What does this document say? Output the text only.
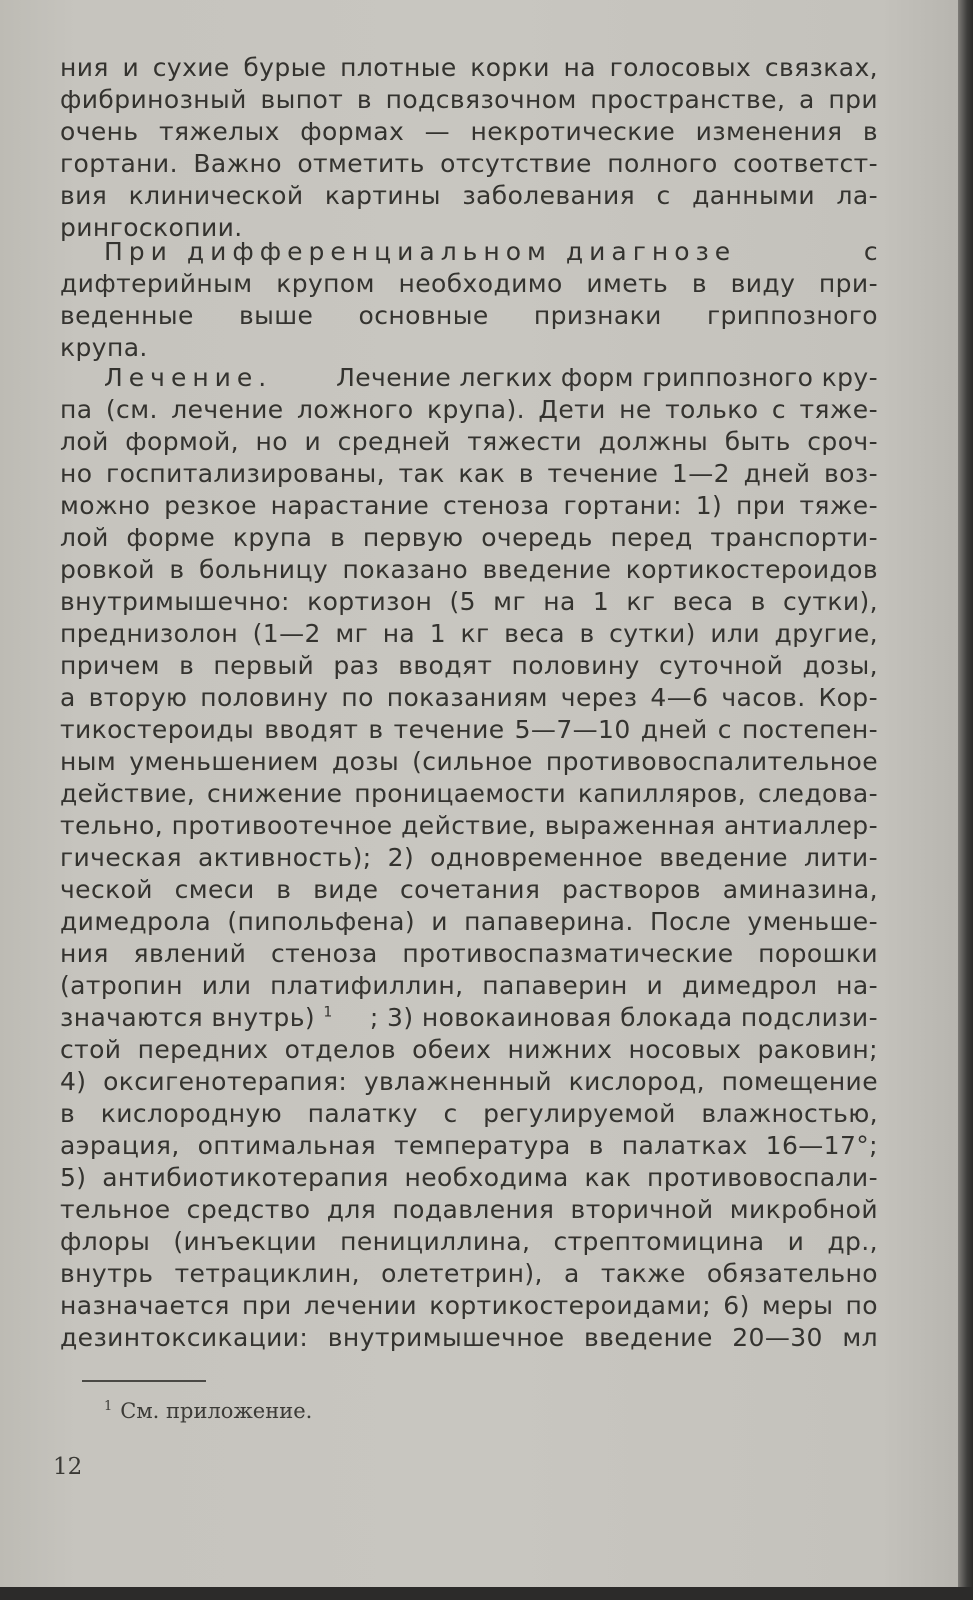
ния и сухие бурые плотные корки на голосовых связках,
фибринозный выпот в подсвязочном пространстве, а при
очень тяжелых формах — некротические изменения в
гортани. Важно отметить отсутствие полного соответст-
вия клинической картины заболевания с данными ла-
рингоскопии.
При дифференциальном диагнозе	с
дифтерийным крупом необходимо иметь в виду при-
веденные выше основные признаки гриппозного
крупа.
Лечение.	Лечение легких форм гриппозного кру-
па (см. лечение ложного крупа). Дети не только с тяже-
лой формой, но и средней тяжести должны быть сроч-
но госпитализированы, так как в течение 1—2 дней воз-
можно резкое нарастание стеноза гортани: 1) при тяже-
лой форме крупа в первую очередь перед транспорти-
ровкой в больницу показано введение кортикостероидов
внутримышечно: кортизон (5 мг на 1 кг веса в сутки),
преднизолон (1—2 мг на 1 кг веса в сутки) или другие,
причем в первый раз вводят половину суточной дозы,
а вторую половину по показаниям через 4—6 часов. Кор-
тикостероиды вводят в течение 5—7—10 дней с постепен-
ным уменьшением дозы (сильное противовоспалительное
действие, снижение проницаемости капилляров, следова-
тельно, противоотечное действие, выраженная антиаллер-
гическая активность); 2) одновременное введение лити-
ческой смеси в виде сочетания растворов аминазина,
димедрола (пипольфена) и папаверина. После уменьше-
ния явлений стеноза противоспазматические порошки
(атропин или платифиллин, папаверин и димедрол на-
значаются внутрь) $^1$ ; 3) новокаиновая блокада подслизи-
стой передних отделов обеих нижних носовых раковин;
4) оксигенотерапия: увлажненный кислород, помещение
в кислородную палатку с регулируемой влажностью,
аэрация, оптимальная температура в палатках 16—17°;
5) антибиотикотерапия необходима как противовоспали-
тельное средство для подавления вторичной микробной
флоры (инъекции пенициллина, стрептомицина и др.,
внутрь тетрациклин, олететрин), а также обязательно
назначается при лечении кортикостероидами; 6) меры по
дезинтоксикации: внутримышечное введение 20—30 мл
$^1$ См. приложение.
12
